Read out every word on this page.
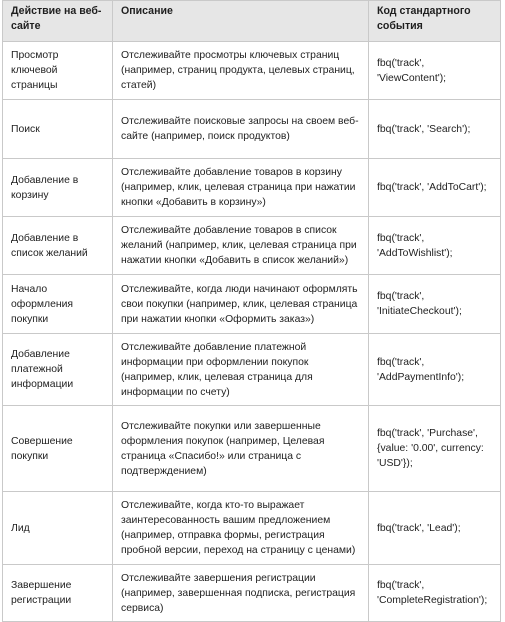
Действие на веб-сайте	Описание	Код стандартного события
Просмотр ключевой страницы	Отслеживайте просмотры ключевых страниц (например, страниц продукта, целевых страниц, статей)	fbq('track', 'ViewContent');
Поиск	Отслеживайте поисковые запросы на своем веб-сайте (например, поиск продуктов)	fbq('track', 'Search');
Добавление в корзину	Отслеживайте добавление товаров в корзину (например, клик, целевая страница при нажатии кнопки «Добавить в корзину»)	fbq('track', 'AddToCart');
Добавление в список желаний	Отслеживайте добавление товаров в список желаний (например, клик, целевая страница при нажатии кнопки «Добавить в список желаний»)	fbq('track', 'AddToWishlist');
Начало оформления покупки	Отслеживайте, когда люди начинают оформлять свои покупки (например, клик, целевая страница при нажатии кнопки «Оформить заказ»)	fbq('track', 'InitiateCheckout');
Добавление платежной информации	Отслеживайте добавление платежной информации при оформлении покупок (например, клик, целевая страница для информации по счету)	fbq('track', 'AddPaymentInfo');
Совершение покупки	Отслеживайте покупки или завершенные оформления покупок (например, Целевая страница «Спасибо!» или страница с подтверждением)	fbq('track', 'Purchase', {value: '0.00', currency: 'USD'});
Лид	Отслеживайте, когда кто-то выражает заинтересованность вашим предложением (например, отправка формы, регистрация пробной версии, переход на страницу с ценами)	fbq('track', 'Lead');
Завершение регистрации	Отслеживайте завершения регистрации (например, завершенная подписка, регистрация сервиса)	fbq('track', 'CompleteRegistration');
